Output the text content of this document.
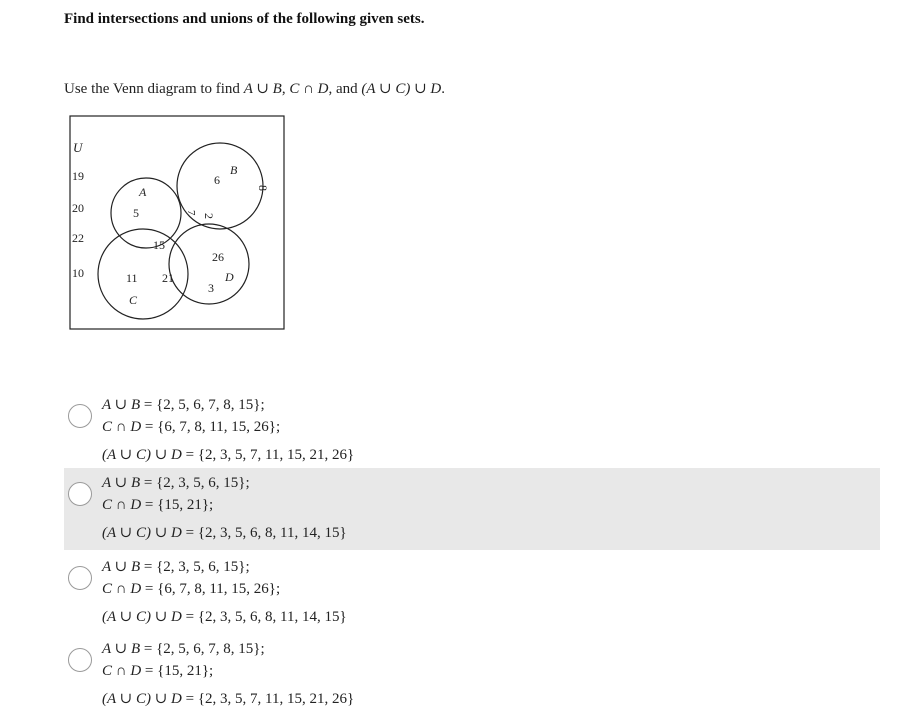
Find intersections and unions of the following given sets.
Use the Venn diagram to find A ∪ B, C ∩ D, and (A ∪ C) ∪ D.
U
19
20
22
10
A
B
C
D
5
6
8
7
2
15
26
3
11 21
A ∪ B = {2, 5, 6, 7, 8, 15};
C ∩ D = {6, 7, 8, 11, 15, 26};
(A ∪ C) ∪ D = {2, 3, 5, 7, 11, 15, 21, 26}
A ∪ B = {2, 3, 5, 6, 15};
C ∩ D = {15, 21};
(A ∪ C) ∪ D = {2, 3, 5, 6, 8, 11, 14, 15}
A ∪ B = {2, 3, 5, 6, 15};
C ∩ D = {6, 7, 8, 11, 15, 26};
(A ∪ C) ∪ D = {2, 3, 5, 6, 8, 11, 14, 15}
A ∪ B = {2, 5, 6, 7, 8, 15};
C ∩ D = {15, 21};
(A ∪ C) ∪ D = {2, 3, 5, 7, 11, 15, 21, 26}
